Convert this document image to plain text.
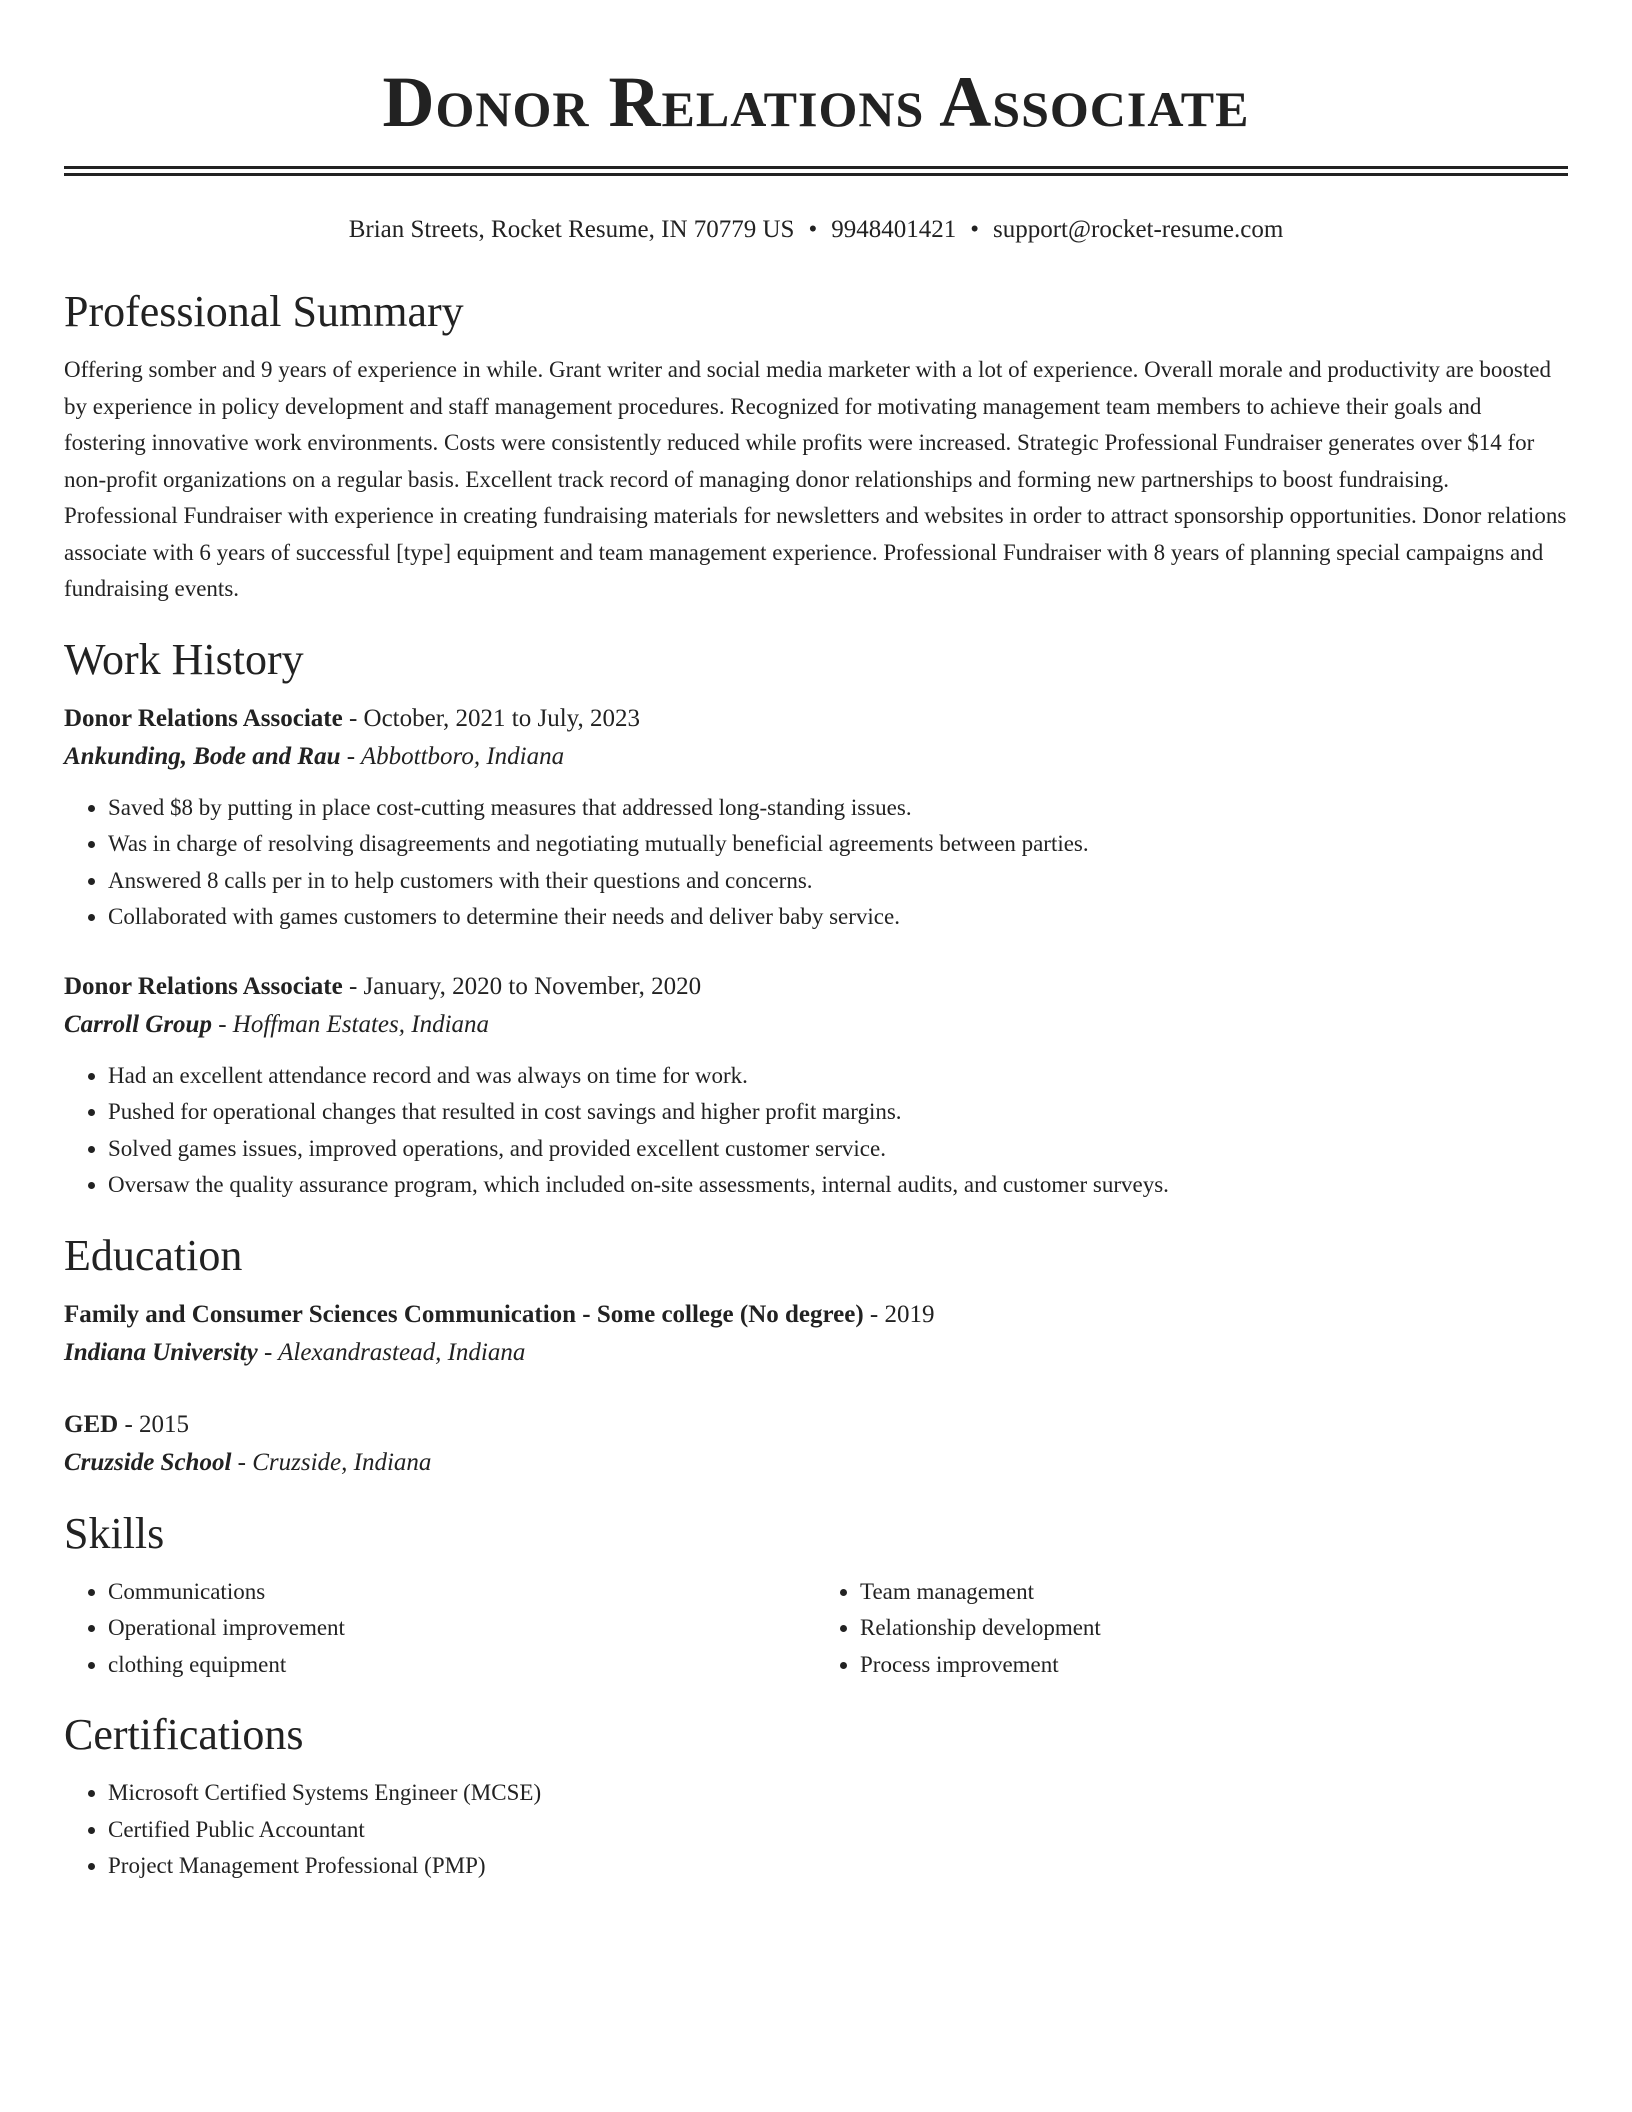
Donor Relations Associate
Brian Streets, Rocket Resume, IN 70779 US • 9948401421 • support@rocket-resume.com
Professional Summary

Offering somber and 9 years of experience in while. Grant writer and social media marketer with a lot of experience. Overall morale and productivity are boosted by experience in policy development and staff management procedures. Recognized for motivating management team members to achieve their goals and fostering innovative work environments. Costs were consistently reduced while profits were increased. Strategic Professional Fundraiser generates over $14 for non-profit organizations on a regular basis. Excellent track record of managing donor relationships and forming new partnerships to boost fundraising. Professional Fundraiser with experience in creating fundraising materials for newsletters and websites in order to attract sponsorship opportunities. Donor relations associate with 6 years of successful [type] equipment and team management experience. Professional Fundraiser with 8 years of planning special campaigns and fundraising events.

Work History
Donor Relations Associate - October, 2021 to July, 2023
Ankunding, Bode and Rau - Abbottboro, Indiana
• Saved $8 by putting in place cost-cutting measures that addressed long-standing issues.
• Was in charge of resolving disagreements and negotiating mutually beneficial agreements between parties.
• Answered 8 calls per in to help customers with their questions and concerns.
• Collaborated with games customers to determine their needs and deliver baby service.
Donor Relations Associate - January, 2020 to November, 2020
Carroll Group - Hoffman Estates, Indiana
• Had an excellent attendance record and was always on time for work.
• Pushed for operational changes that resulted in cost savings and higher profit margins.
• Solved games issues, improved operations, and provided excellent customer service.
• Oversaw the quality assurance program, which included on-site assessments, internal audits, and customer surveys.
Education
Family and Consumer Sciences Communication - Some college (No degree) - 2019
Indiana University - Alexandrastead, Indiana
GED - 2015
Cruzside School - Cruzside, Indiana
Skills
• Communications
• Operational improvement
• clothing equipment
• Team management
• Relationship development
• Process improvement
Certifications
• Microsoft Certified Systems Engineer (MCSE)
• Certified Public Accountant
• Project Management Professional (PMP)
